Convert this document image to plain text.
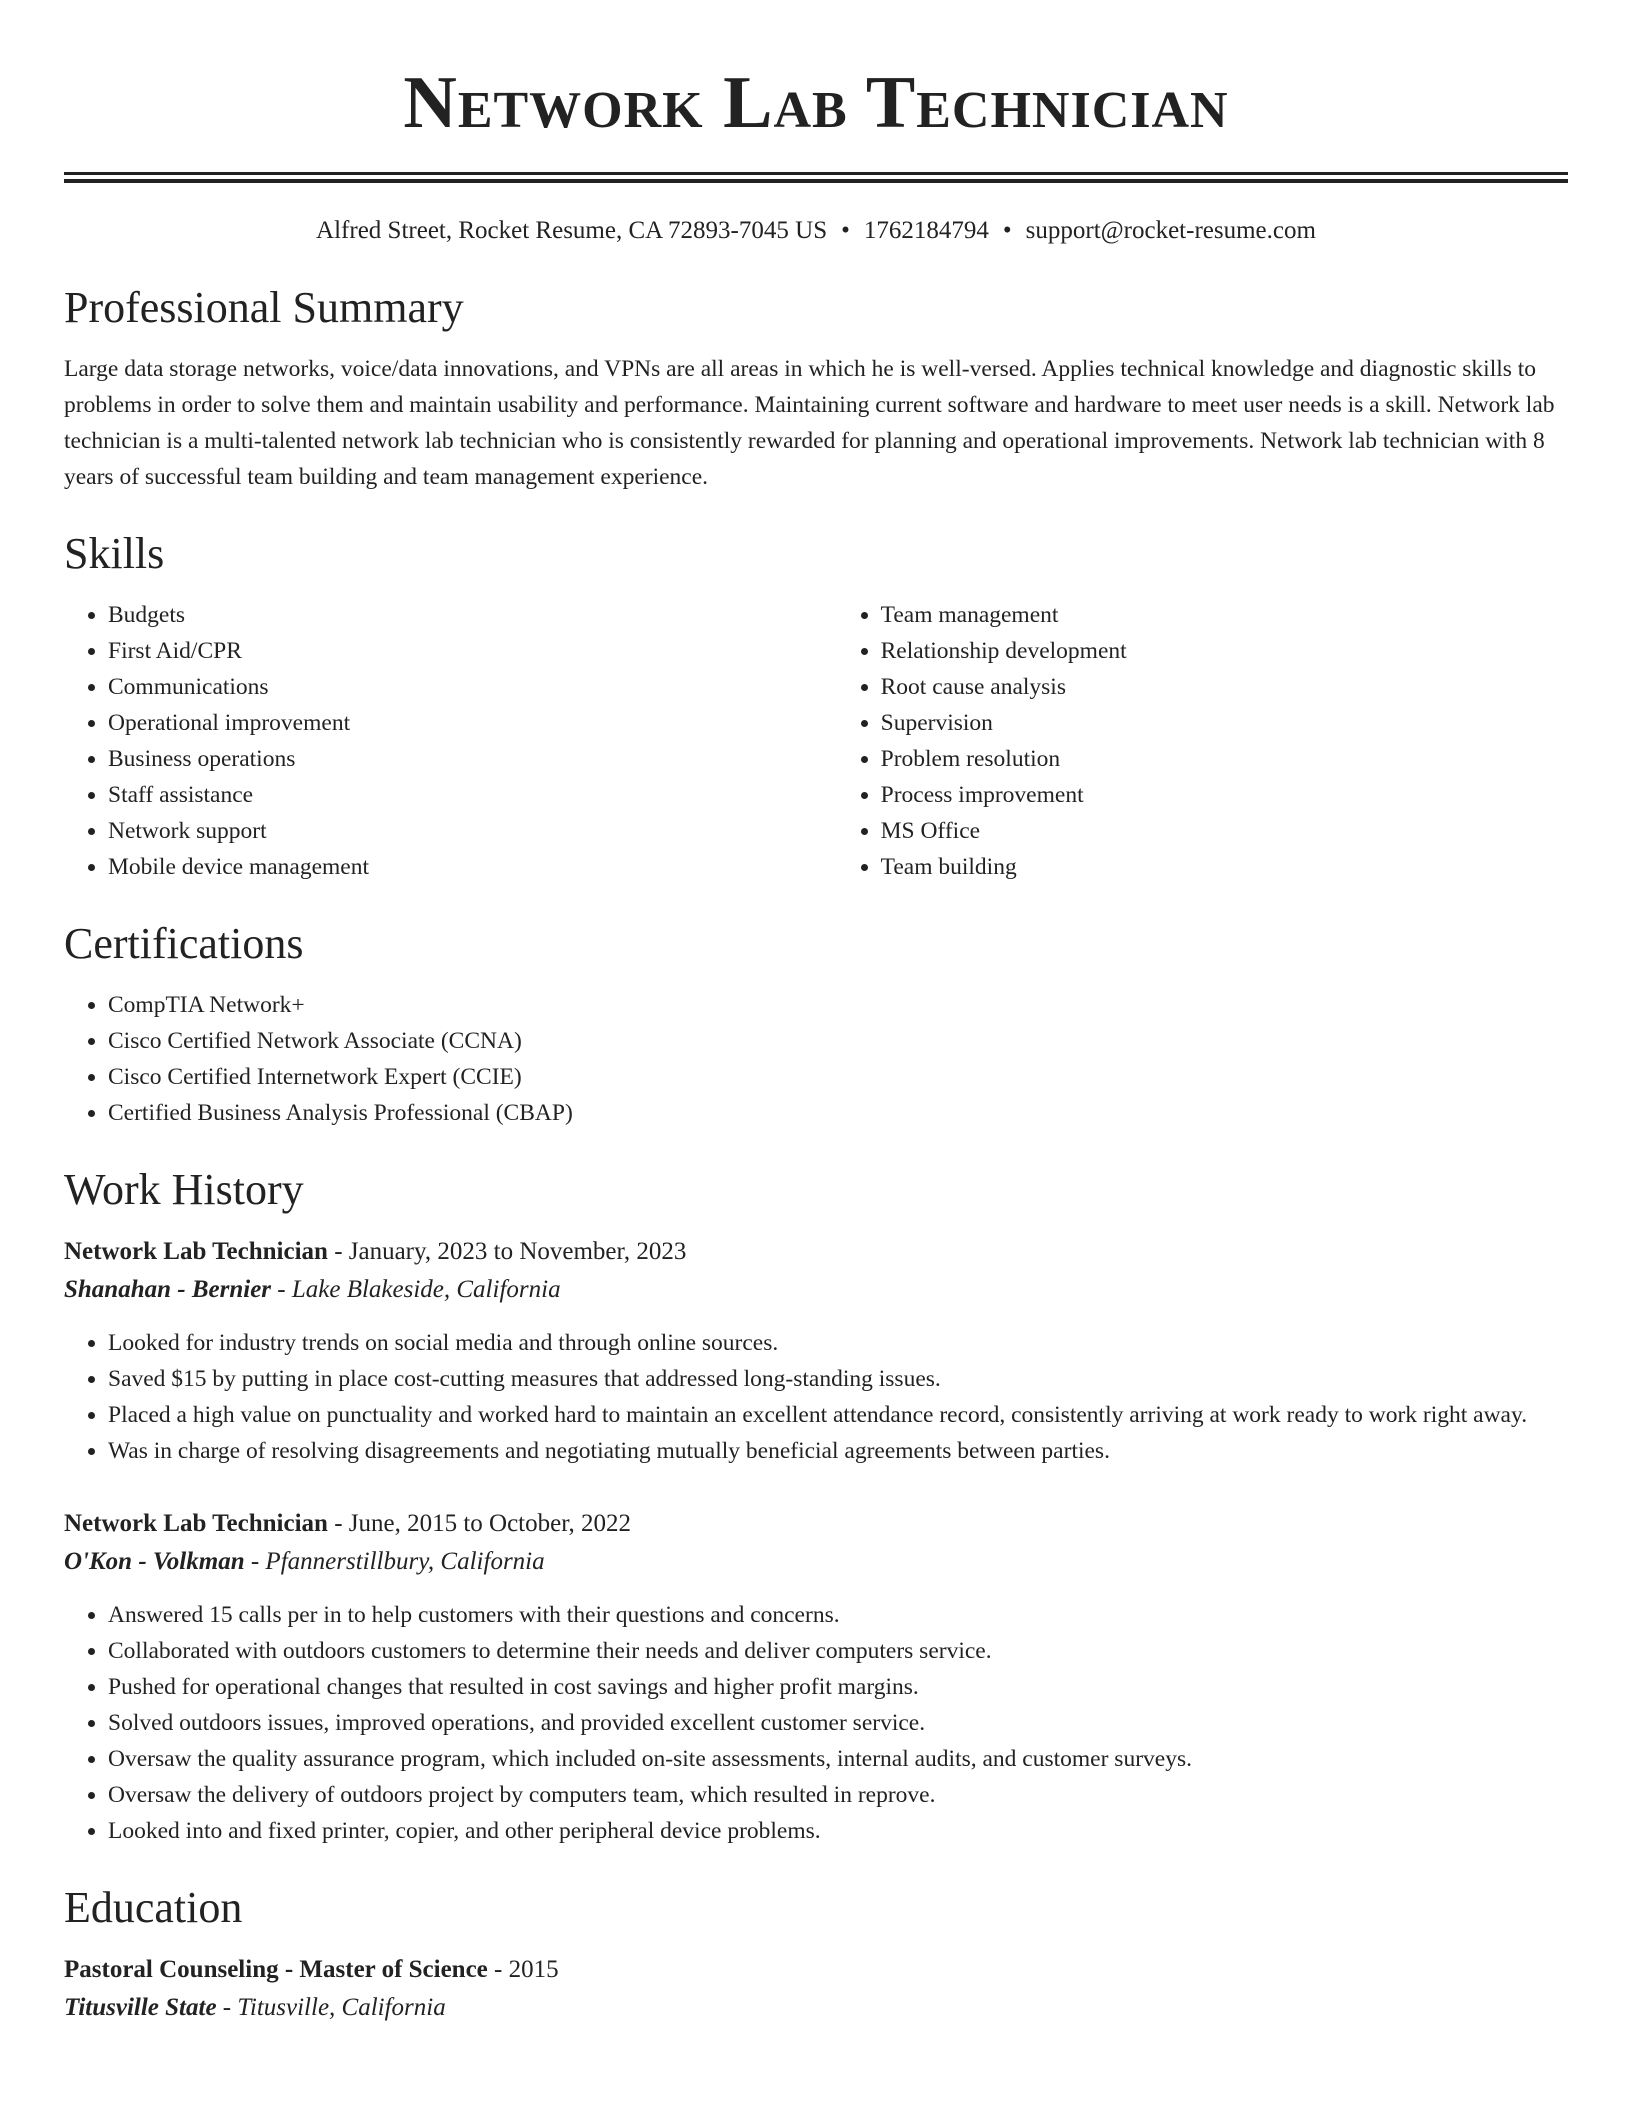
Network Lab Technician
Alfred Street, Rocket Resume, CA 72893-7045 US • 1762184794 • support@rocket-resume.com
Professional Summary

Large data storage networks, voice/data innovations, and VPNs are all areas in which he is well-versed. Applies technical knowledge and diagnostic skills to problems in order to solve them and maintain usability and performance. Maintaining current software and hardware to meet user needs is a skill. Network lab technician is a multi-talented network lab technician who is consistently rewarded for planning and operational improvements. Network lab technician with 8 years of successful team building and team management experience.

Skills
• Budgets
• First Aid/CPR
• Communications
• Operational improvement
• Business operations
• Staff assistance
• Network support
• Mobile device management
• Team management
• Relationship development
• Root cause analysis
• Supervision
• Problem resolution
• Process improvement
• MS Office
• Team building
Certifications
• CompTIA Network+
• Cisco Certified Network Associate (CCNA)
• Cisco Certified Internetwork Expert (CCIE)
• Certified Business Analysis Professional (CBAP)
Work History
Network Lab Technician - January, 2023 to November, 2023
Shanahan - Bernier - Lake Blakeside, California
• Looked for industry trends on social media and through online sources.
• Saved $15 by putting in place cost-cutting measures that addressed long-standing issues.
• Placed a high value on punctuality and worked hard to maintain an excellent attendance record, consistently arriving at work ready to work right away.
• Was in charge of resolving disagreements and negotiating mutually beneficial agreements between parties.
Network Lab Technician - June, 2015 to October, 2022
O'Kon - Volkman - Pfannerstillbury, California
• Answered 15 calls per in to help customers with their questions and concerns.
• Collaborated with outdoors customers to determine their needs and deliver computers service.
• Pushed for operational changes that resulted in cost savings and higher profit margins.
• Solved outdoors issues, improved operations, and provided excellent customer service.
• Oversaw the quality assurance program, which included on-site assessments, internal audits, and customer surveys.
• Oversaw the delivery of outdoors project by computers team, which resulted in reprove.
• Looked into and fixed printer, copier, and other peripheral device problems.
Education
Pastoral Counseling - Master of Science - 2015
Titusville State - Titusville, California
